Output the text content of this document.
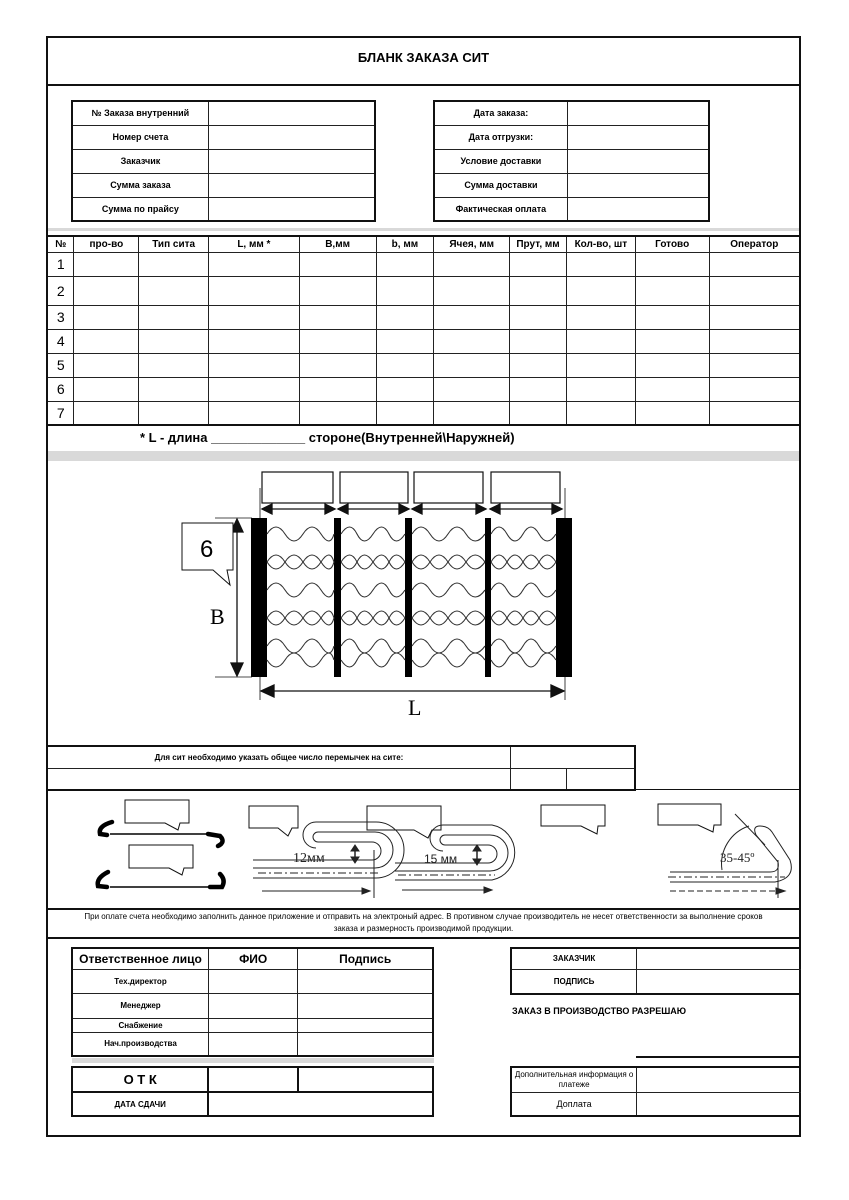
БЛАНК ЗАКАЗА СИТ
№ Заказа внутренний	
Номер счета	
Заказчик	
Сумма заказа	
Сумма по прайсу	
Дата заказа:	
Дата отгрузки:	
Условие доставки	
Сумма доставки	
Фактическая оплата	
№	про-во	Тип сита	L, мм *	В,мм	b, мм	Ячея, мм	Прут, мм	Кол-во, шт	Готово	Оператор
1										
2										
3										
4										
5										
6										
7										
* L - длина _____________ стороне(Внутренней\Наружней)
6
B
L
Для сит необходимо указать общее число перемычек на сите:		

12мм	15 мм	35-45º
При оплате счета необходимо заполнить данное приложение и отправить на электроный адрес. В противном случае производитель не несет ответственности за выполнение сроков
заказа и размерность производимой продукции.
Ответственное лицо	ФИО	Подпись
Тех.директор		
Менеджер		
Снабжение		
Нач.производства		
О Т К		
ДАТА СДАЧИ		
ЗАКАЗЧИК	
ПОДПИСЬ	
ЗАКАЗ В ПРОИЗВОДСТВО РАЗРЕШАЮ
Дополнительная информация о платеже	
Доплата	
